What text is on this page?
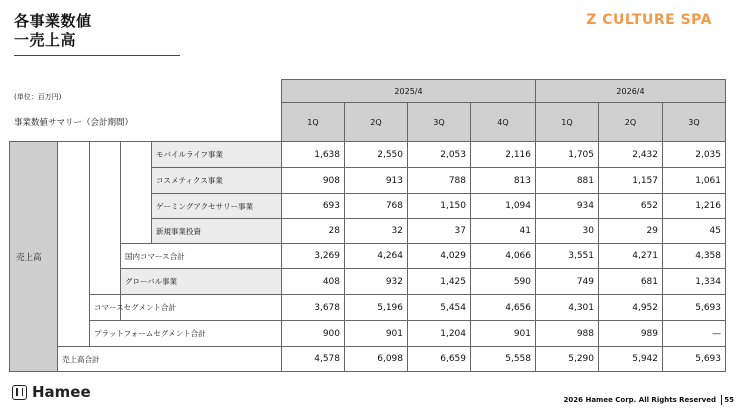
各事業数値
一売上高
Z CULTURE SPA
(単位：百万円)
事業数値サマリー（会計期間）
2025/4	2026/4
1Q	2Q	3Q	4Q	1Q	2Q	3Q
売上高
モバイルライフ事業	1,638	2,550	2,053	2,116	1,705	2,432	2,035
コスメティクス事業	908	913	788	813	881	1,157	1,061
ゲーミングアクセサリー事業	693	768	1,150	1,094	934	652	1,216
新規事業投資	28	32	37	41	30	29	45
国内コマース合計	3,269	4,264	4,029	4,066	3,551	4,271	4,358
グローバル事業	408	932	1,425	590	749	681	1,334
コマースセグメント合計	3,678	5,196	5,454	4,656	4,301	4,952	5,693
プラットフォームセグメント合計	900	901	1,204	901	988	989	—
売上高合計	4,578	6,098	6,659	5,558	5,290	5,942	5,693
Hamee	2026 Hamee Corp. All Rights Reserved 55
